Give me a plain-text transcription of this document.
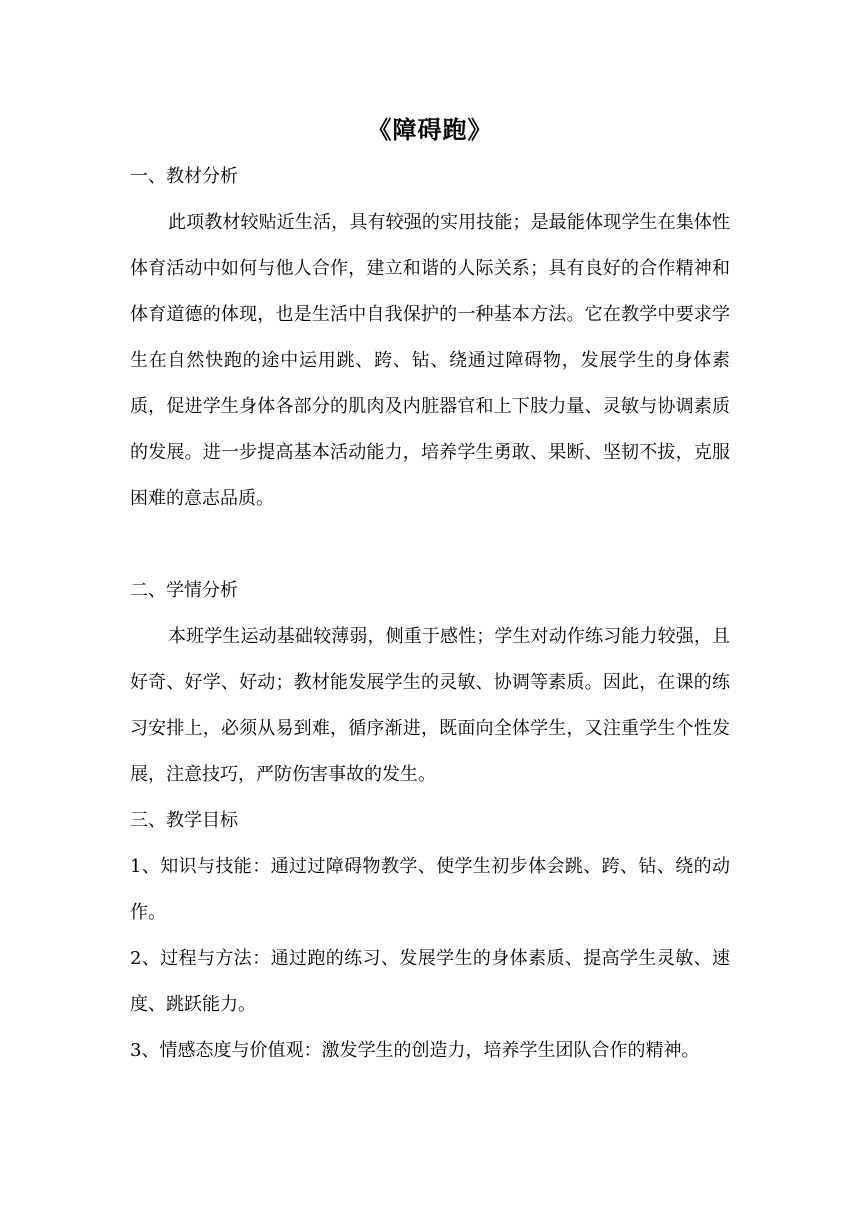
《障碍跑》
一、教材分析

此项教材较贴近生活，具有较强的实用技能；是最能体现学生在集体性体育活动中如何与他人合作，建立和谐的人际关系；具有良好的合作精神和体育道德的体现，也是生活中自我保护的一种基本方法。它在教学中要求学生在自然快跑的途中运用跳、跨、钻、绕通过障碍物，发展学生的身体素质，促进学生身体各部分的肌肉及内脏器官和上下肢力量、灵敏与协调素质的发展。进一步提高基本活动能力，培养学生勇敢、果断、坚韧不拔，克服困难的意志品质。

二、学情分析

本班学生运动基础较薄弱，侧重于感性；学生对动作练习能力较强，且好奇、好学、好动；教材能发展学生的灵敏、协调等素质。因此，在课的练习安排上，必须从易到难，循序渐进，既面向全体学生，又注重学生个性发展，注意技巧，严防伤害事故的发生。

三、教学目标

1、知识与技能：通过过障碍物教学、使学生初步体会跳、跨、钻、绕的动作。

2、过程与方法：通过跑的练习、发展学生的身体素质、提高学生灵敏、速度、跳跃能力。

3、情感态度与价值观：激发学生的创造力，培养学生团队合作的精神。
